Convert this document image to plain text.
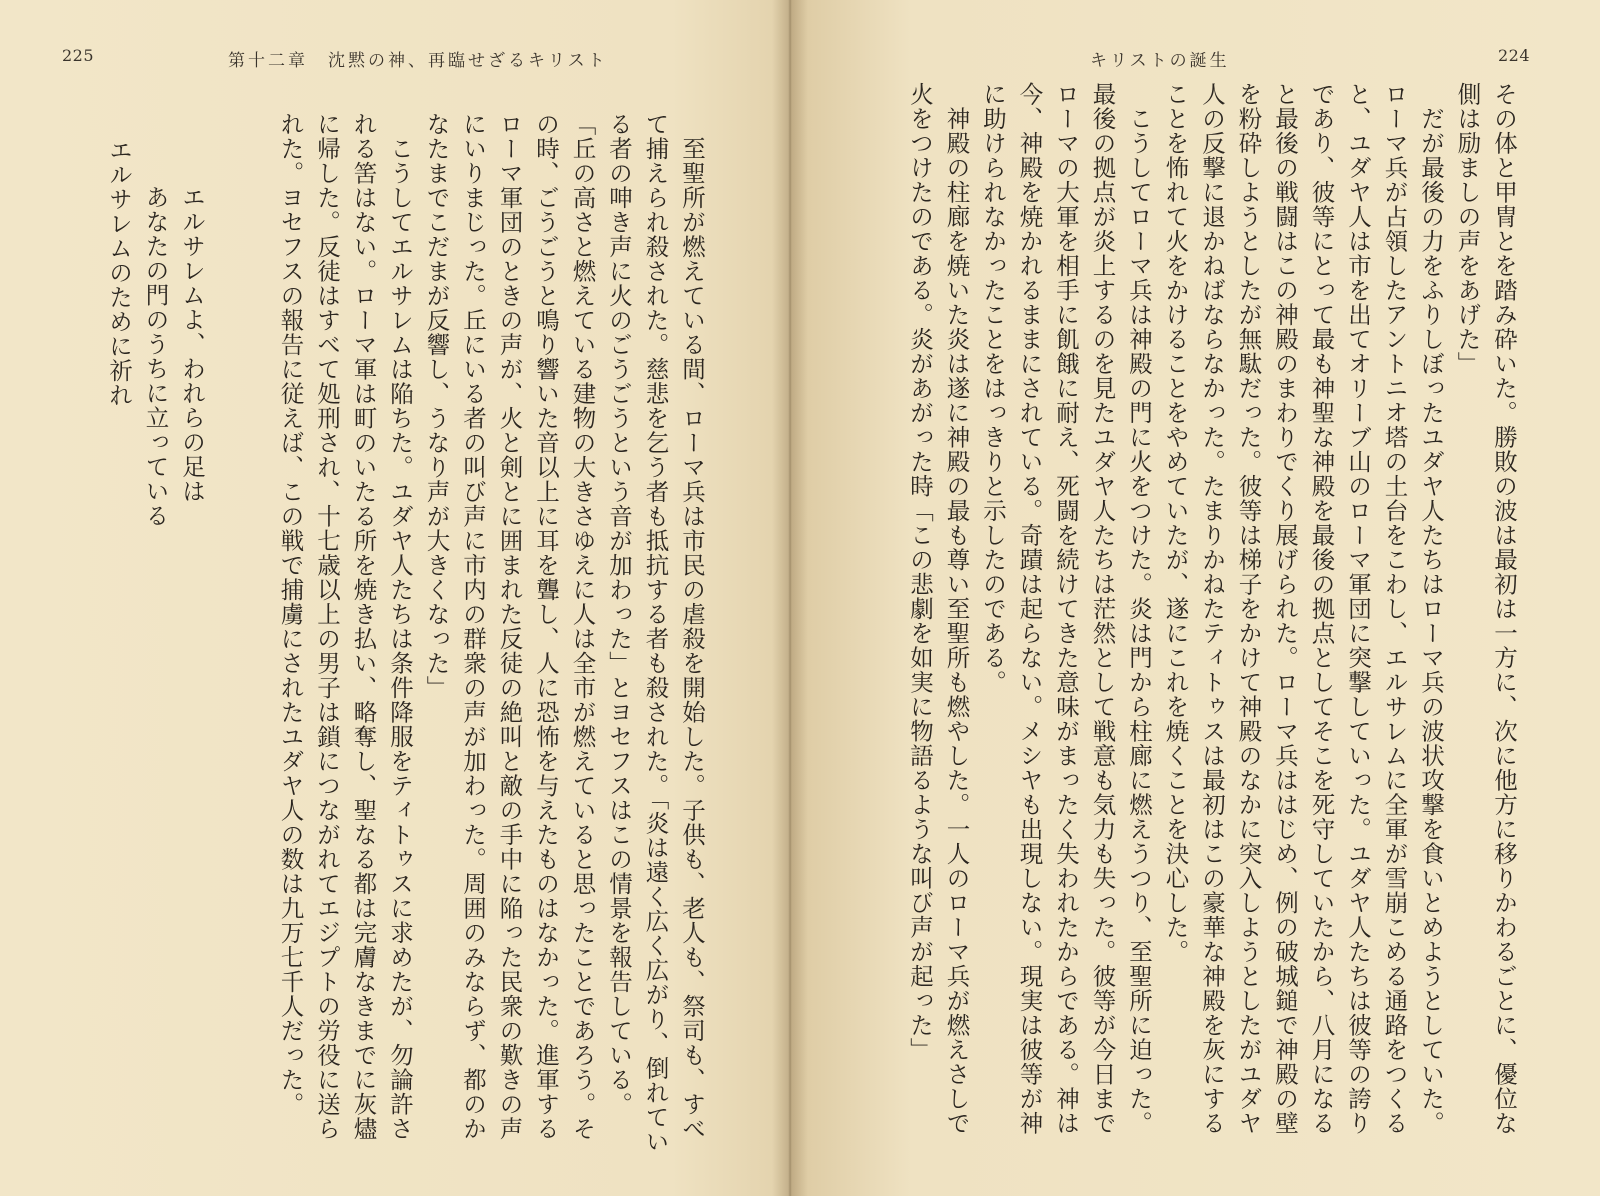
225	第十二章　沈黙の神、再臨せざるキリスト

　至聖所が燃えている間、ローマ兵は市民の虐殺を開始した。子供も、老人も、祭司も、すべて捕えられ殺された。慈悲を乞う者も抵抗する者も殺された。「炎は遠く広く広がり、倒れている者の呻き声に火のごうごうという音が加わった」とヨセフスはこの情景を報告している。

「丘の高さと燃えている建物の大きさゆえに人は全市が燃えていると思ったことであろう。その時、ごうごうと鳴り響いた音以上に耳を聾し、人に恐怖を与えたものはなかった。進軍するローマ軍団のときの声が、火と剣とに囲まれた反徒の絶叫と敵の手中に陥った民衆の歎きの声にいりまじった。丘にいる者の叫び声に市内の群衆の声が加わった。周囲のみならず、都のかなたまでこだまが反響し、うなり声が大きくなった」

　こうしてエルサレムは陥ちた。ユダヤ人たちは条件降服をティトゥスに求めたが、勿論許される筈はない。ローマ軍は町のいたる所を焼き払い、略奪し、聖なる都は完膚なきまでに灰燼に帰した。反徒はすべて処刑され、十七歳以上の男子は鎖につながれてエジプトの労役に送られた。ヨセフスの報告に従えば、この戦で捕虜にされたユダヤ人の数は九万七千人だった。

エルサレムよ、われらの足は

あなたの門のうちに立っている

エルサレムのために祈れ

キリストの誕生	224

その体と甲冑とを踏み砕いた。勝敗の波は最初は一方に、次に他方に移りかわるごとに、優位な側は励ましの声をあげた」

　だが最後の力をふりしぼったユダヤ人たちはローマ兵の波状攻撃を食いとめようとしていた。ローマ兵が占領したアントニオ塔の土台をこわし、エルサレムに全軍が雪崩こめる通路をつくると、ユダヤ人は市を出てオリーブ山のローマ軍団に突撃していった。ユダヤ人たちは彼等の誇りであり、彼等にとって最も神聖な神殿を最後の拠点としてそこを死守していたから、八月になると最後の戦闘はこの神殿のまわりでくり展げられた。ローマ兵ははじめ、例の破城鎚で神殿の壁を粉砕しようとしたが無駄だった。彼等は梯子をかけて神殿のなかに突入しようとしたがユダヤ人の反撃に退かねばならなかった。たまりかねたティトゥスは最初はこの豪華な神殿を灰にすることを怖れて火をかけることをやめていたが、遂にこれを焼くことを決心した。

　こうしてローマ兵は神殿の門に火をつけた。炎は門から柱廊に燃えうつり、至聖所に迫った。最後の拠点が炎上するのを見たユダヤ人たちは茫然として戦意も気力も失った。彼等が今日までローマの大軍を相手に飢餓に耐え、死闘を続けてきた意味がまったく失われたからである。神は今、神殿を焼かれるままにされている。奇蹟は起らない。メシヤも出現しない。現実は彼等が神に助けられなかったことをはっきりと示したのである。

　神殿の柱廊を焼いた炎は遂に神殿の最も尊い至聖所も燃やした。一人のローマ兵が燃えさしで火をつけたのである。炎があがった時「この悲劇を如実に物語るような叫び声が起った」
